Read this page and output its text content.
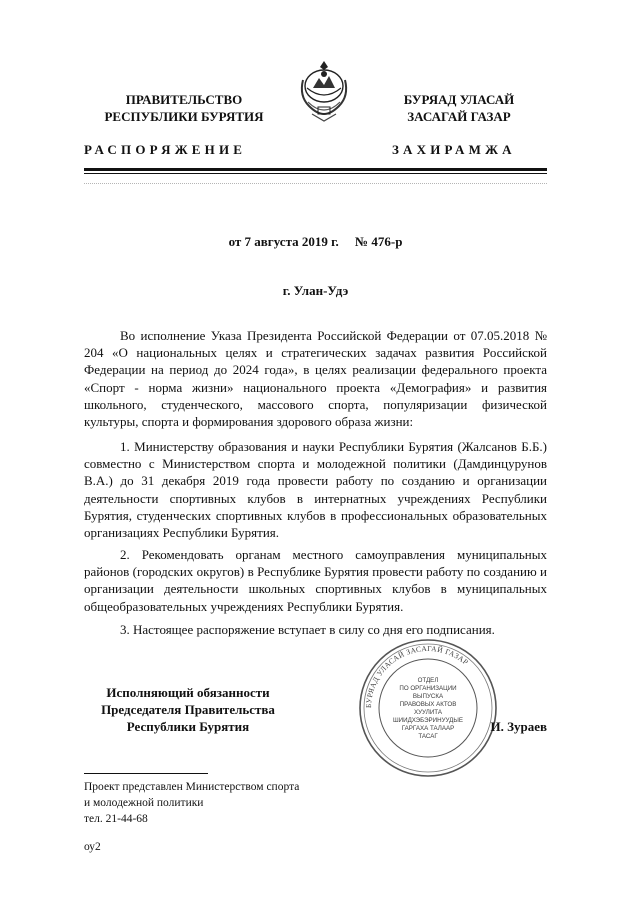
ПРАВИТЕЛЬСТВО
РЕСПУБЛИКИ БУРЯТИЯ
БУРЯАД УЛАСАЙ
ЗАСАГАЙ ГАЗАР
РАСПОРЯЖЕНИЕ	ЗАХИРАМЖА
от 7 августа 2019 г.     № 476-р
г. Улан-Удэ

Во исполнение Указа Президента Российской Федерации от 07.05.2018 № 204 «О национальных целях и стратегических задачах развития Российской Федерации на период до 2024 года», в целях реализации федерального проекта «Спорт - норма жизни» национального проекта «Демография» и развития школьного, студенческого, массового спорта, популяризации физической культуры, спорта и формирования здорового образа жизни:

1. Министерству образования и науки Республики Бурятия (Жалсанов Б.Б.) совместно с Министерством спорта и молодежной политики (Дамдинцурунов В.А.) до 31 декабря 2019 года провести работу по созданию и организации деятельности спортивных клубов в интернатных учреждениях Республики Бурятия, студенческих спортивных клубов в профессиональных образовательных организациях Республики Бурятия.

2. Рекомендовать органам местного самоуправления муниципальных районов (городских округов) в Республике Бурятия провести работу по созданию и организации деятельности школьных спортивных клубов в муниципальных общеобразовательных учреждениях Республики Бурятия.

3. Настоящее распоряжение вступает в силу со дня его подписания.

Исполняющий обязанности
Председателя Правительства
Республики Бурятия
БУРЯАД УЛАСАЙ ЗАСАГАЙ ГАЗАР
ОТДЕЛ
ПО ОРГАНИЗАЦИИ
ВЫПУСКА
ПРАВОВЫХ АКТОВ
ХУУЛИТА
ШИИДХЭБЭРИНУУДЫЕ
ГАРГАХА ТАЛААР
ТАСАГ
И. Зураев
Проект представлен Министерством спорта
и молодежной политики
тел. 21-44-68
оу2
